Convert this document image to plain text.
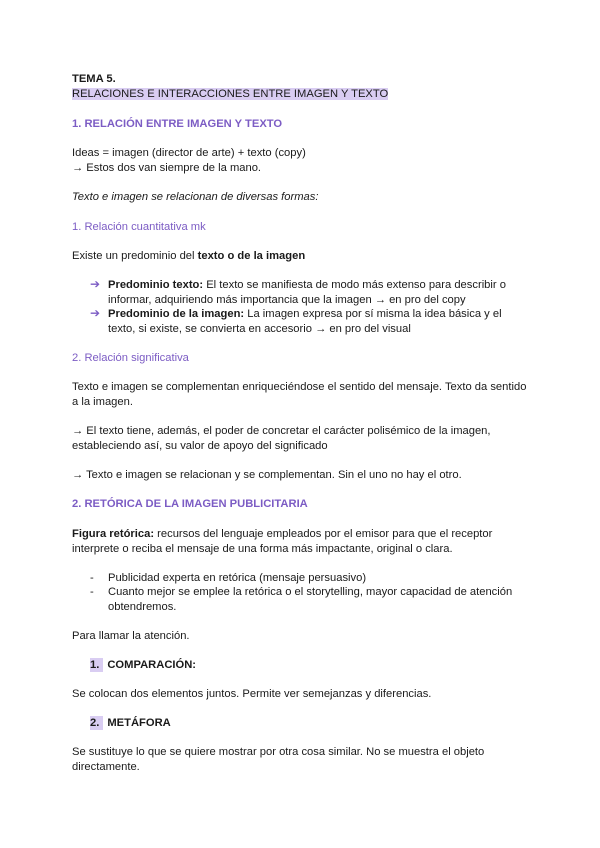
TEMA 5.
RELACIONES E INTERACCIONES ENTRE IMAGEN Y TEXTO
1. RELACIÓN ENTRE IMAGEN Y TEXTO
Ideas = imagen (director de arte) + texto (copy)
→ Estos dos van siempre de la mano.
Texto e imagen se relacionan de diversas formas:
1. Relación cuantitativa mk
Existe un predominio del texto o de la imagen
➔ Predominio texto: El texto se manifiesta de modo más extenso para describir o
informar, adquiriendo más importancia que la imagen → en pro del copy
➔ Predominio de la imagen: La imagen expresa por sí misma la idea básica y el
texto, si existe, se convierta en accesorio → en pro del visual
2. Relación significativa
Texto e imagen se complementan enriqueciéndose el sentido del mensaje. Texto da sentido
a la imagen.
→ El texto tiene, además, el poder de concretar el carácter polisémico de la imagen,
estableciendo así, su valor de apoyo del significado
→ Texto e imagen se relacionan y se complementan. Sin el uno no hay el otro.
2. RETÓRICA DE LA IMAGEN PUBLICITARIA
Figura retórica: recursos del lenguaje empleados por el emisor para que el receptor
interprete o reciba el mensaje de una forma más impactante, original o clara.
- Publicidad experta en retórica (mensaje persuasivo)
- Cuanto mejor se emplee la retórica o el storytelling, mayor capacidad de atención
obtendremos.
Para llamar la atención.
1. COMPARACIÓN:
Se colocan dos elementos juntos. Permite ver semejanzas y diferencias.
2. METÁFORA
Se sustituye lo que se quiere mostrar por otra cosa similar. No se muestra el objeto
directamente.
